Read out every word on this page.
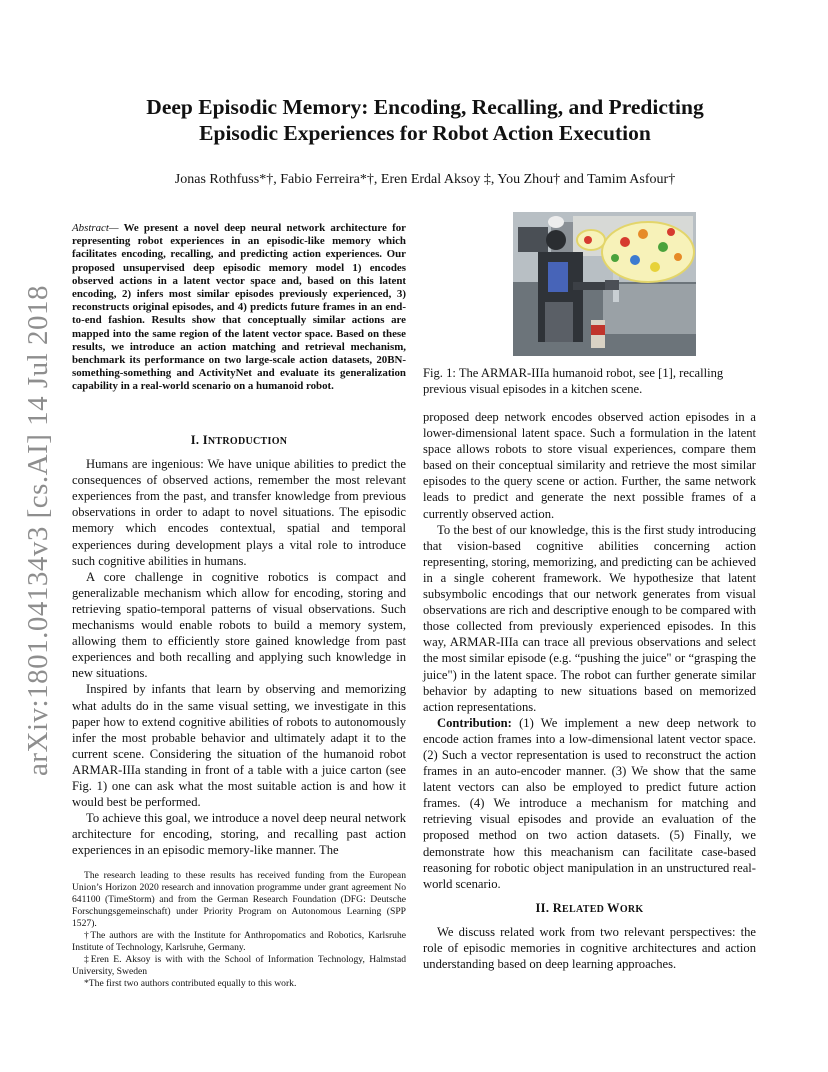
arXiv:1801.04134v3 [cs.AI] 14 Jul 2018
Deep Episodic Memory: Encoding, Recalling, and Predicting
Episodic Experiences for Robot Action Execution
Jonas Rothfuss*†, Fabio Ferreira*†, Eren Erdal Aksoy ‡, You Zhou† and Tamim Asfour†
Abstract— We present a novel deep neural network architecture for representing robot experiences in an episodic-like memory which facilitates encoding, recalling, and predicting action experiences. Our proposed unsupervised deep episodic memory model 1) encodes observed actions in a latent vector space and, based on this latent encoding, 2) infers most similar episodes previously experienced, 3) reconstructs original episodes, and 4) predicts future frames in an end-to-end fashion. Results show that conceptually similar actions are mapped into the same region of the latent vector space. Based on these results, we introduce an action matching and retrieval mechanism, benchmark its performance on two large-scale action datasets, 20BN-something-something and ActivityNet and evaluate its generalization capability in a real-world scenario on a humanoid robot.
I. INTRODUCTION

Humans are ingenious: We have unique abilities to predict the consequences of observed actions, remember the most relevant experiences from the past, and transfer knowledge from previous observations in order to adapt to novel situations. The episodic memory which encodes contextual, spatial and temporal experiences during development plays a vital role to introduce such cognitive abilities in humans.

A core challenge in cognitive robotics is compact and generalizable mechanism which allow for encoding, storing and retrieving spatio-temporal patterns of visual observations. Such mechanisms would enable robots to build a memory system, allowing them to efficiently store gained knowledge from past experiences and both recalling and applying such knowledge in new situations.

Inspired by infants that learn by observing and memorizing what adults do in the same visual setting, we investigate in this paper how to extend cognitive abilities of robots to autonomously infer the most probable behavior and ultimately adapt it to the current scene. Considering the situation of the humanoid robot ARMAR-IIIa standing in front of a table with a juice carton (see Fig. 1) one can ask what the most suitable action is and how it would best be performed.

To achieve this goal, we introduce a novel deep neural network architecture for encoding, storing, and recalling past action experiences in an episodic memory-like manner. The

The research leading to these results has received funding from the European Union’s Horizon 2020 research and innovation programme under grant agreement No 641100 (TimeStorm) and from the German Research Foundation (DFG: Deutsche Forschungsgemeinschaft) under Priority Program on Autonomous Learning (SPP 1527).

†The authors are with the Institute for Anthropomatics and Robotics, Karlsruhe Institute of Technology, Karlsruhe, Germany.

‡Eren E. Aksoy is with with the School of Information Technology, Halmstad University, Sweden

*The first two authors contributed equally to this work.

Fig. 1: The ARMAR-IIIa humanoid robot, see [1], recalling previous visual episodes in a kitchen scene.

proposed deep network encodes observed action episodes in a lower-dimensional latent space. Such a formulation in the latent space allows robots to store visual experiences, compare them based on their conceptual similarity and retrieve the most similar episodes to the query scene or action. Further, the same network leads to predict and generate the next possible frames of a currently observed action.

To the best of our knowledge, this is the first study introducing that vision-based cognitive abilities concerning action representing, storing, memorizing, and predicting can be achieved in a single coherent framework. We hypothesize that latent subsymbolic encodings that our network generates from visual observations are rich and descriptive enough to be compared with those collected from previously experienced episodes. In this way, ARMAR-IIIa can trace all previous observations and select the most similar episode (e.g. “pushing the juice" or “grasping the juice") in the latent space. The robot can further generate similar behavior by adapting to new situations based on memorized action representations.

Contribution: (1) We implement a new deep network to encode action frames into a low-dimensional latent vector space. (2) Such a vector representation is used to reconstruct the action frames in an auto-encoder manner. (3) We show that the same latent vectors can also be employed to predict future action frames. (4) We introduce a mechanism for matching and retrieving visual episodes and provide an evaluation of the proposed method on two action datasets. (5) Finally, we demonstrate how this meachanism can facilitate case-based reasoning for robotic object manipulation in an unstructured real-world scenario.

II. RELATED WORK

We discuss related work from two relevant perspectives: the role of episodic memories in cognitive architectures and action understanding based on deep learning approaches.
